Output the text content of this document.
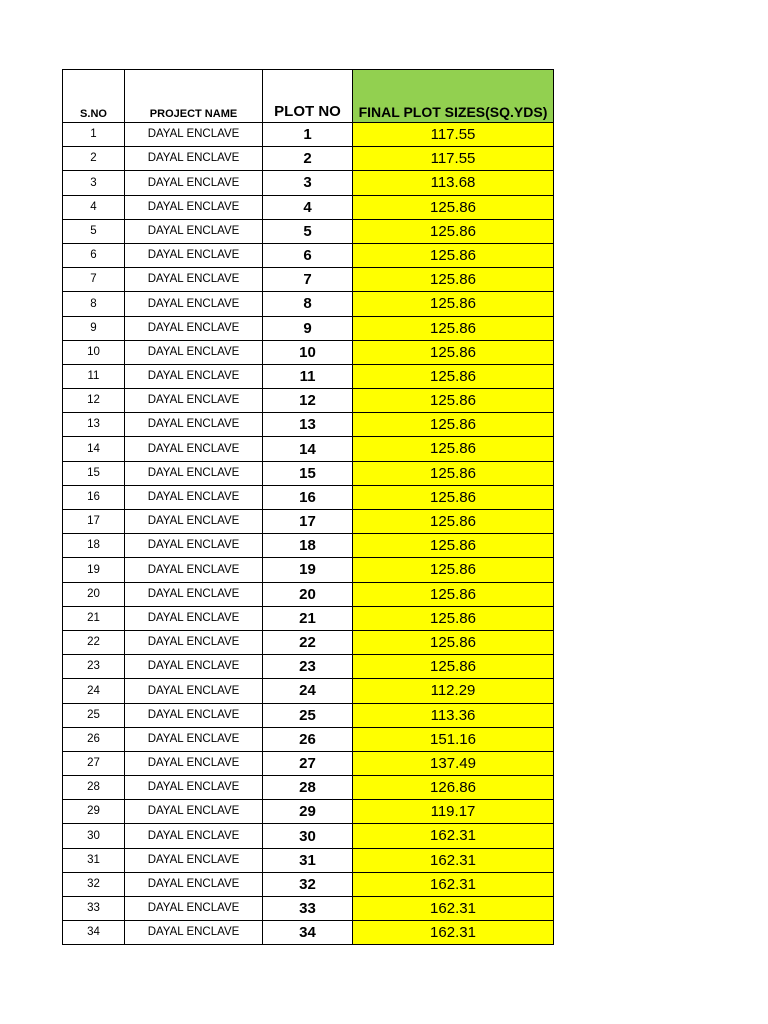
S.NO	PROJECT NAME	PLOT NO	FINAL PLOT SIZES(SQ.YDS)
1	DAYAL ENCLAVE	1	117.55
2	DAYAL ENCLAVE	2	117.55
3	DAYAL ENCLAVE	3	113.68
4	DAYAL ENCLAVE	4	125.86
5	DAYAL ENCLAVE	5	125.86
6	DAYAL ENCLAVE	6	125.86
7	DAYAL ENCLAVE	7	125.86
8	DAYAL ENCLAVE	8	125.86
9	DAYAL ENCLAVE	9	125.86
10	DAYAL ENCLAVE	10	125.86
11	DAYAL ENCLAVE	11	125.86
12	DAYAL ENCLAVE	12	125.86
13	DAYAL ENCLAVE	13	125.86
14	DAYAL ENCLAVE	14	125.86
15	DAYAL ENCLAVE	15	125.86
16	DAYAL ENCLAVE	16	125.86
17	DAYAL ENCLAVE	17	125.86
18	DAYAL ENCLAVE	18	125.86
19	DAYAL ENCLAVE	19	125.86
20	DAYAL ENCLAVE	20	125.86
21	DAYAL ENCLAVE	21	125.86
22	DAYAL ENCLAVE	22	125.86
23	DAYAL ENCLAVE	23	125.86
24	DAYAL ENCLAVE	24	112.29
25	DAYAL ENCLAVE	25	113.36
26	DAYAL ENCLAVE	26	151.16
27	DAYAL ENCLAVE	27	137.49
28	DAYAL ENCLAVE	28	126.86
29	DAYAL ENCLAVE	29	119.17
30	DAYAL ENCLAVE	30	162.31
31	DAYAL ENCLAVE	31	162.31
32	DAYAL ENCLAVE	32	162.31
33	DAYAL ENCLAVE	33	162.31
34	DAYAL ENCLAVE	34	162.31
